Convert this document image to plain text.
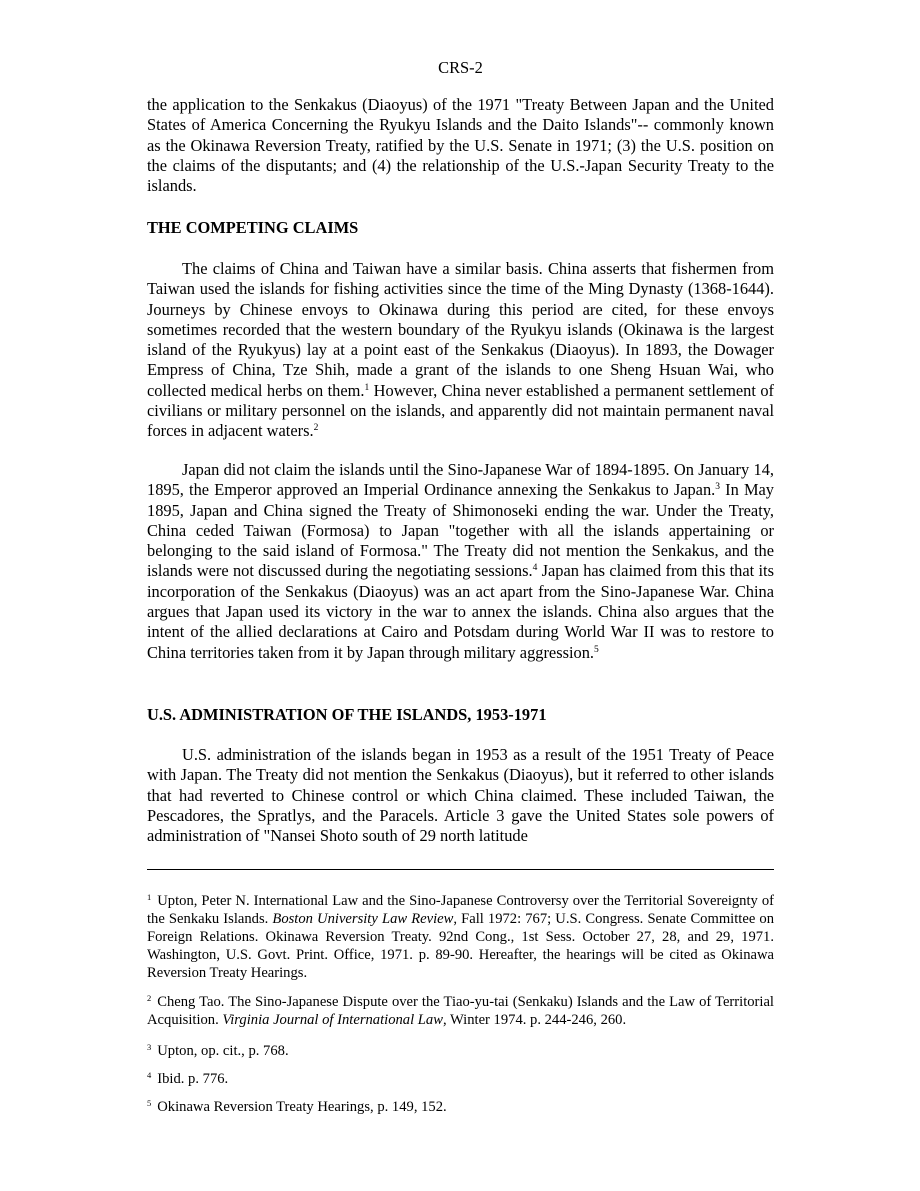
CRS-2

the application to the Senkakus (Diaoyus) of the 1971 "Treaty Between Japan and the United States of America Concerning the Ryukyu Islands and the Daito Islands"-- commonly known as the Okinawa Reversion Treaty, ratified by the U.S. Senate in 1971; (3) the U.S. position on the claims of the disputants; and (4) the relationship of the U.S.-Japan Security Treaty to the islands.

THE COMPETING CLAIMS

The claims of China and Taiwan have a similar basis. China asserts that fishermen from Taiwan used the islands for fishing activities since the time of the Ming Dynasty (1368-1644). Journeys by Chinese envoys to Okinawa during this period are cited, for these envoys sometimes recorded that the western boundary of the Ryukyu islands (Okinawa is the largest island of the Ryukyus) lay at a point east of the Senkakus (Diaoyus). In 1893, the Dowager Empress of China, Tze Shih, made a grant of the islands to one Sheng Hsuan Wai, who collected medical herbs on them.$^1$ However, China never established a permanent settlement of civilians or military personnel on the islands, and apparently did not maintain permanent naval forces in adjacent waters.$^2$

Japan did not claim the islands until the Sino-Japanese War of 1894-1895. On January 14, 1895, the Emperor approved an Imperial Ordinance annexing the Senkakus to Japan.$^3$ In May 1895, Japan and China signed the Treaty of Shimonoseki ending the war. Under the Treaty, China ceded Taiwan (Formosa) to Japan "together with all the islands appertaining or belonging to the said island of Formosa." The Treaty did not mention the Senkakus, and the islands were not discussed during the negotiating sessions.$^4$ Japan has claimed from this that its incorporation of the Senkakus (Diaoyus) was an act apart from the Sino-Japanese War. China argues that Japan used its victory in the war to annex the islands. China also argues that the intent of the allied declarations at Cairo and Potsdam during World War II was to restore to China territories taken from it by Japan through military aggression.$^5$

U.S. ADMINISTRATION OF THE ISLANDS, 1953-1971

U.S. administration of the islands began in 1953 as a result of the 1951 Treaty of Peace with Japan. The Treaty did not mention the Senkakus (Diaoyus), but it referred to other islands that had reverted to Chinese control or which China claimed. These included Taiwan, the Pescadores, the Spratlys, and the Paracels. Article 3 gave the United States sole powers of administration of "Nansei Shoto south of 29 north latitude

$^1$ Upton, Peter N. International Law and the Sino-Japanese Controversy over the Territorial Sovereignty of the Senkaku Islands. Boston University Law Review, Fall 1972: 767; U.S. Congress. Senate Committee on Foreign Relations. Okinawa Reversion Treaty. 92nd Cong., 1st Sess. October 27, 28, and 29, 1971. Washington, U.S. Govt. Print. Office, 1971. p. 89-90. Hereafter, the hearings will be cited as Okinawa Reversion Treaty Hearings.

$^2$ Cheng Tao. The Sino-Japanese Dispute over the Tiao-yu-tai (Senkaku) Islands and the Law of Territorial Acquisition. Virginia Journal of International Law, Winter 1974. p. 244-246, 260.

$^3$ Upton, op. cit., p. 768.

$^4$ Ibid. p. 776.

$^5$ Okinawa Reversion Treaty Hearings, p. 149, 152.
